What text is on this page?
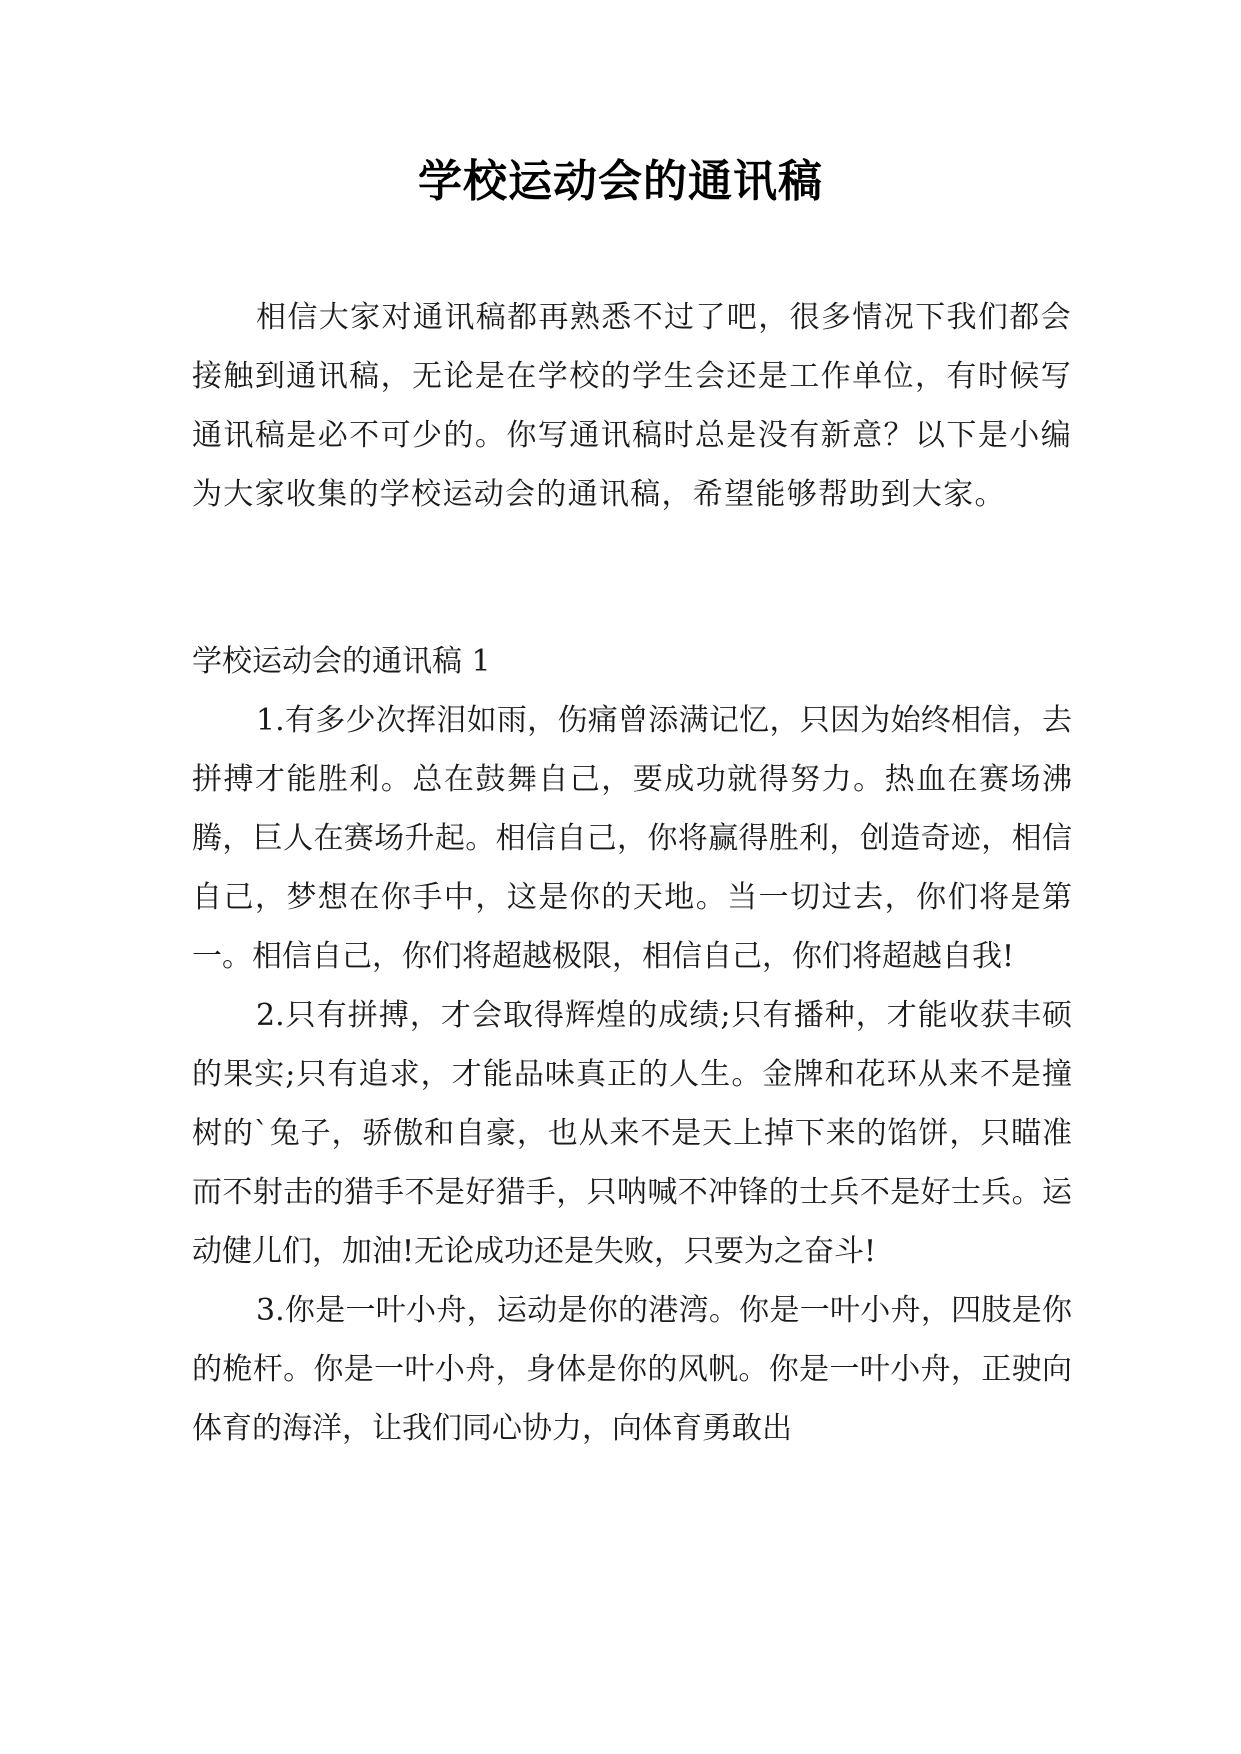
学校运动会的通讯稿

相信大家对通讯稿都再熟悉不过了吧，很多情况下我们都会接触到通讯稿，无论是在学校的学生会还是工作单位，有时候写通讯稿是必不可少的。你写通讯稿时总是没有新意？以下是小编为大家收集的学校运动会的通讯稿，希望能够帮助到大家。

学校运动会的通讯稿 1

1.有多少次挥泪如雨，伤痛曾添满记忆，只因为始终相信，去拼搏才能胜利。总在鼓舞自己，要成功就得努力。热血在赛场沸腾，巨人在赛场升起。相信自己，你将赢得胜利，创造奇迹，相信自己，梦想在你手中，这是你的天地。当一切过去，你们将是第一。相信自己，你们将超越极限，相信自己，你们将超越自我!

2.只有拼搏，才会取得辉煌的成绩;只有播种，才能收获丰硕的果实;只有追求，才能品味真正的人生。金牌和花环从来不是撞树的`兔子，骄傲和自豪，也从来不是天上掉下来的馅饼，只瞄准而不射击的猎手不是好猎手，只呐喊不冲锋的士兵不是好士兵。运动健儿们，加油!无论成功还是失败，只要为之奋斗!

3.你是一叶小舟，运动是你的港湾。你是一叶小舟，四肢是你的桅杆。你是一叶小舟，身体是你的风帆。你是一叶小舟，正驶向体育的海洋，让我们同心协力，向体育勇敢出
